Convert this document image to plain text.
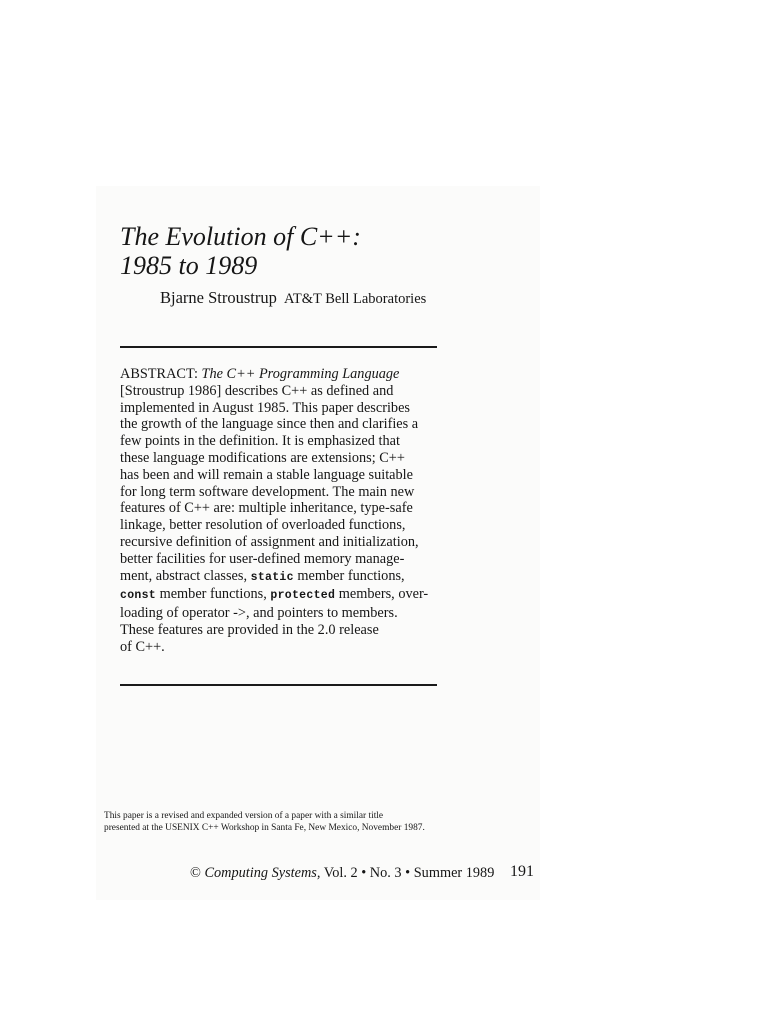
The Evolution of C++:
1985 to 1989
Bjarne Stroustrup AT&T Bell Laboratories
ABSTRACT: The C++ Programming Language
[Stroustrup 1986] describes C++ as defined and
implemented in August 1985. This paper describes
the growth of the language since then and clarifies a
few points in the definition. It is emphasized that
these language modifications are extensions; C++
has been and will remain a stable language suitable
for long term software development. The main new
features of C++ are: multiple inheritance, type-safe
linkage, better resolution of overloaded functions,
recursive definition of assignment and initialization,
better facilities for user-defined memory manage-
ment, abstract classes, static member functions,
const member functions, protected members, over-
loading of operator ->, and pointers to members.
These features are provided in the 2.0 release
of C++.
This paper is a revised and expanded version of a paper with a similar title
presented at the USENIX C++ Workshop in Santa Fe, New Mexico, November 1987.
© Computing Systems, Vol. 2 • No. 3 • Summer 1989 191
